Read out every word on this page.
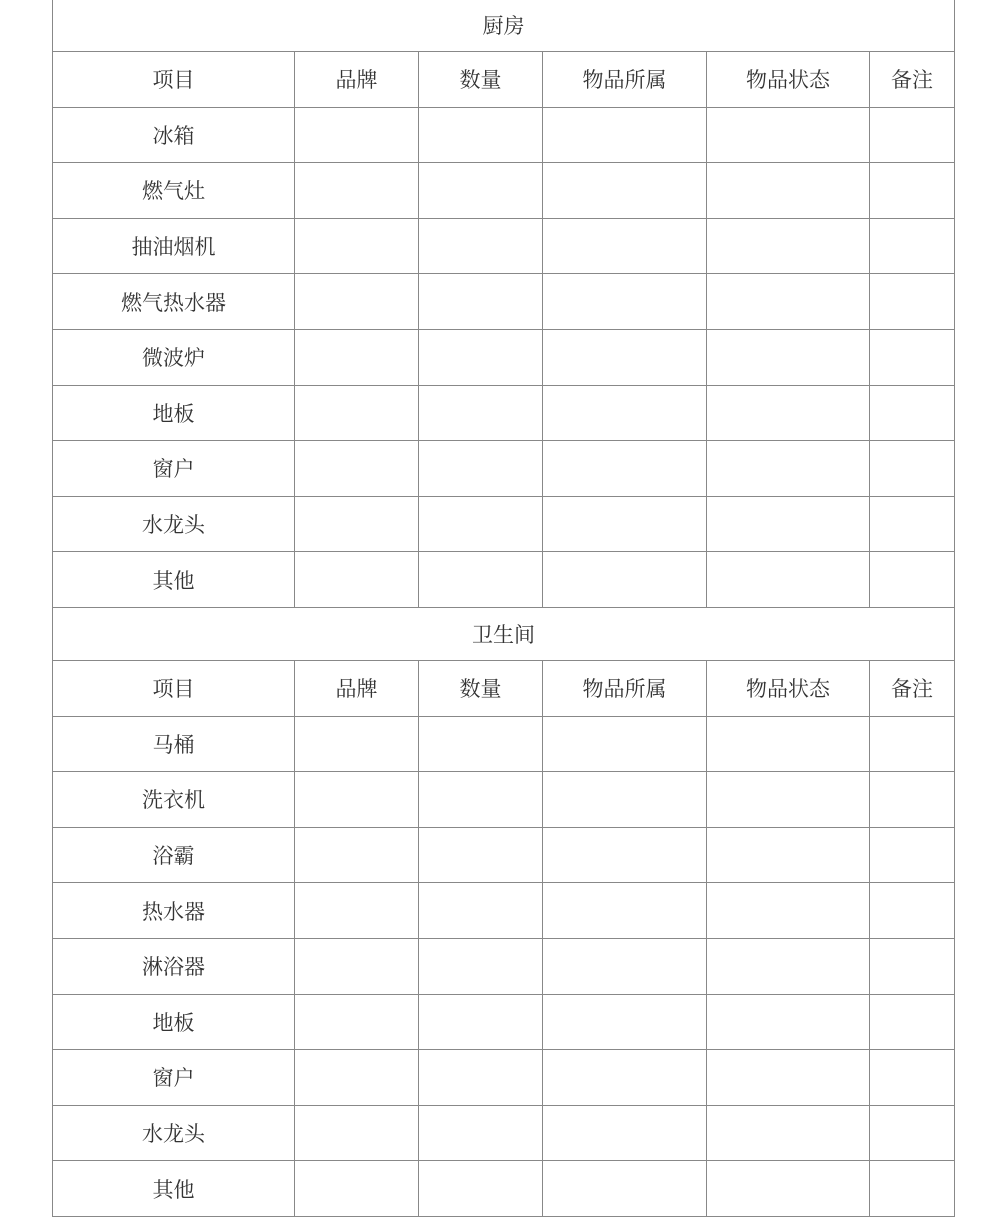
厨房					
项目	品牌	数量	物品所属	物品状态	备注
冰箱					
燃气灶					
抽油烟机					
燃气热水器					
微波炉					
地板					
窗户					
水龙头					
其他					
卫生间					
项目	品牌	数量	物品所属	物品状态	备注
马桶					
洗衣机					
浴霸					
热水器					
淋浴器					
地板					
窗户					
水龙头					
其他					
